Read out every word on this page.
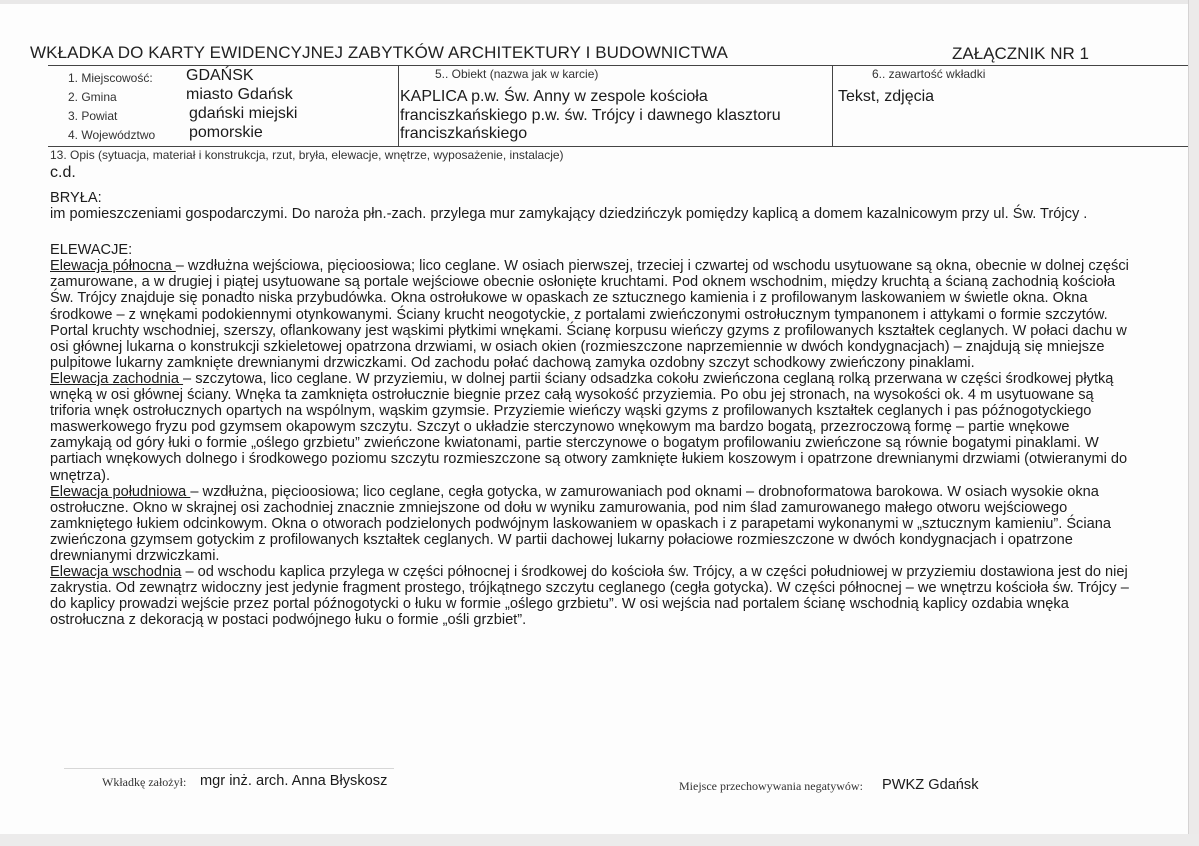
WKŁADKA DO KARTY EWIDENCYJNEJ ZABYTKÓW ARCHITEKTURY I BUDOWNICTWA	ZAŁĄCZNIK NR 1
1. Miejscowość: GDAŃSK
2. Gmina	miasto Gdańsk
3. Powiat	gdański miejski
4. Województwo pomorskie
5.. Obiekt (nazwa jak w karcie)
KAPLICA p.w. Św. Anny w zespole kościoła
franciszkańskiego p.w. św. Trójcy i dawnego klasztoru
franciszkańskiego
6.. zawartość wkładki
Tekst, zdjęcia
13. Opis (sytuacja, materiał i konstrukcja, rzut, bryła, elewacje, wnętrze, wyposażenie, instalacje)
c.d.

BRYŁA:

im pomieszczeniami gospodarczymi. Do naroża płn.-zach. przylega mur zamykający dziedzińczyk pomiędzy kaplicą a domem kazalnicowym przy ul. Św. Trójcy .

ELEWACJE:

Elewacja północna – wzdłużna wejściowa, pięcioosiowa; lico ceglane. W osiach pierwszej, trzeciej i czwartej od wschodu usytuowane są okna, obecnie w dolnej części zamurowane, a w drugiej i piątej usytuowane są portale wejściowe obecnie osłonięte kruchtami. Pod oknem wschodnim, między kruchtą a ścianą zachodnią kościoła Św. Trójcy znajduje się ponadto niska przybudówka. Okna ostrołukowe w opaskach ze sztucznego kamienia i z profilowanym laskowaniem w świetle okna. Okna środkowe – z wnękami podokiennymi otynkowanymi. Ściany krucht neogotyckie, z portalami zwieńczonymi ostrołucznym tympanonem i attykami o formie szczytów. Portal kruchty wschodniej, szerszy, oflankowany jest wąskimi płytkimi wnękami. Ścianę korpusu wieńczy gzyms z profilowanych kształtek ceglanych. W połaci dachu w osi głównej lukarna o konstrukcji szkieletowej opatrzona drzwiami, w osiach okien (rozmieszczone naprzemiennie w dwóch kondygnacjach) – znajdują się mniejsze pulpitowe lukarny zamknięte drewnianymi drzwiczkami. Od zachodu połać dachową zamyka ozdobny szczyt schodkowy zwieńczony pinaklami.

Elewacja zachodnia – szczytowa, lico ceglane. W przyziemiu, w dolnej partii ściany odsadzka cokołu zwieńczona ceglaną rolką przerwana w części środkowej płytką wnęką w osi głównej ściany. Wnęka ta zamknięta ostrołucznie biegnie przez całą wysokość przyziemia. Po obu jej stronach, na wysokości ok. 4 m usytuowane są triforia wnęk ostrołucznych opartych na wspólnym, wąskim gzymsie. Przyziemie wieńczy wąski gzyms z profilowanych kształtek ceglanych i pas późnogotyckiego maswerkowego fryzu pod gzymsem okapowym szczytu. Szczyt o układzie sterczynowo wnękowym ma bardzo bogatą, przezroczową formę – partie wnękowe zamykają od góry łuki o formie „oślego grzbietu” zwieńczone kwiatonami, partie sterczynowe o bogatym profilowaniu zwieńczone są równie bogatymi pinaklami. W partiach wnękowych dolnego i środkowego poziomu szczytu rozmieszczone są otwory zamknięte łukiem koszowym i opatrzone drewnianymi drzwiami (otwieranymi do wnętrza).

Elewacja południowa – wzdłużna, pięcioosiowa; lico ceglane, cegła gotycka, w zamurowaniach pod oknami – drobnoformatowa barokowa. W osiach wysokie okna ostrołuczne. Okno w skrajnej osi zachodniej znacznie zmniejszone od dołu w wyniku zamurowania, pod nim ślad zamurowanego małego otworu wejściowego zamkniętego łukiem odcinkowym. Okna o otworach podzielonych podwójnym laskowaniem w opaskach i z parapetami wykonanymi w „sztucznym kamieniu”. Ściana zwieńczona gzymsem gotyckim z profilowanych kształtek ceglanych. W partii dachowej lukarny połaciowe rozmieszczone w dwóch kondygnacjach i opatrzone drewnianymi drzwiczkami.

Elewacja wschodnia – od wschodu kaplica przylega w części północnej i środkowej do kościoła św. Trójcy, a w części południowej w przyziemiu dostawiona jest do niej zakrystia. Od zewnątrz widoczny jest jedynie fragment prostego, trójkątnego szczytu ceglanego (cegła gotycka). W części północnej – we wnętrzu kościoła św. Trójcy – do kaplicy prowadzi wejście przez portal późnogotycki o łuku w formie „oślego grzbietu”. W osi wejścia nad portalem ścianę wschodnią kaplicy ozdabia wnęka ostrołuczna z dekoracją w postaci podwójnego łuku o formie „ośli grzbiet”.

Wkładkę założył: mgr inż. arch. Anna Błyskosz	Miejsce przechowywania negatywów: PWKZ Gdańsk
